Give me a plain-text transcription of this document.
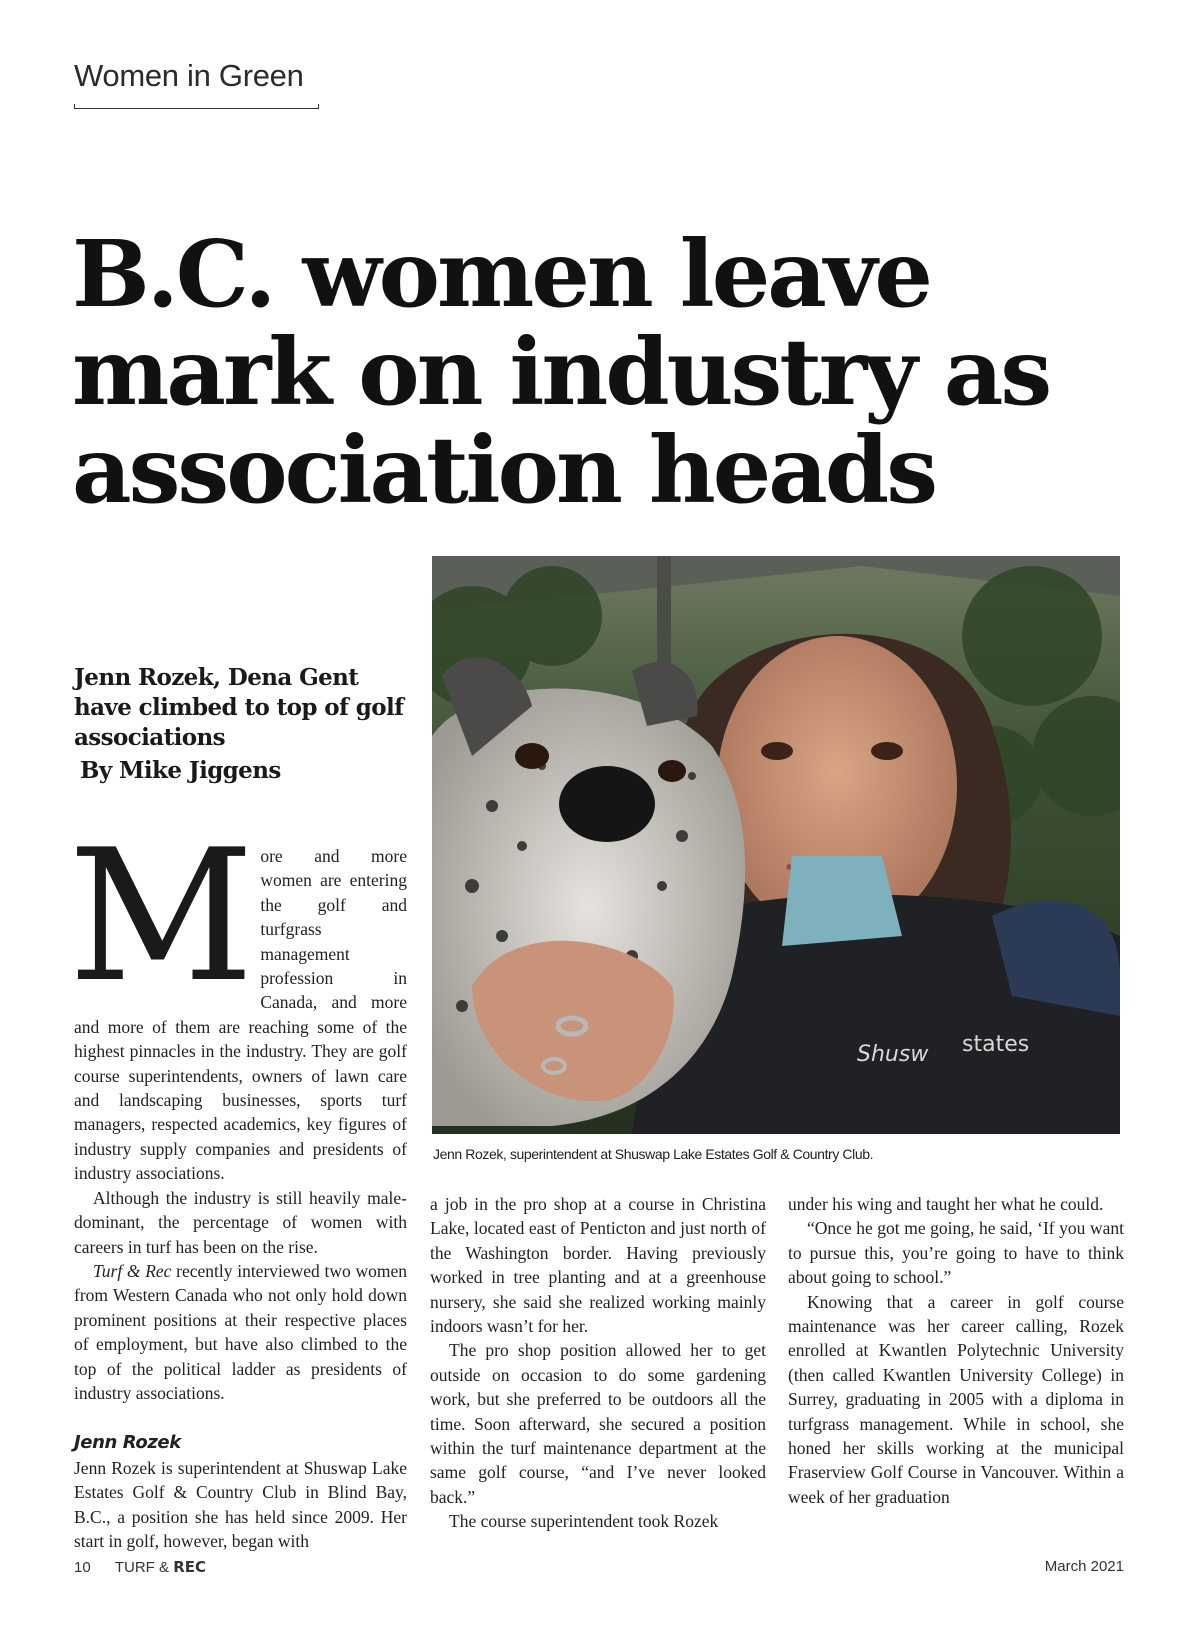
Women in Green
B.C. women leave mark on industry as association heads
Jenn Rozek, Dena Gent have climbed to top of golf associations
By Mike Jiggens
Shusw states
Jenn Rozek, superintendent at Shuswap Lake Estates Golf & Country Club.

More and more women are entering the golf and turfgrass management profession in Canada, and more and more of them are reaching some of the highest pinnacles in the industry. They are golf course superintendents, owners of lawn care and landscaping businesses, sports turf managers, respected academics, key figures of industry supply companies and presidents of industry associations.

Although the industry is still heavily male-dominant, the percentage of women with careers in turf has been on the rise.

Turf & Rec recently interviewed two women from Western Canada who not only hold down prominent positions at their respective places of employment, but have also climbed to the top of the political ladder as presidents of industry associations.

Jenn Rozek

Jenn Rozek is superintendent at Shuswap Lake Estates Golf & Country Club in Blind Bay, B.C., a position she has held since 2009. Her start in golf, however, began with

a job in the pro shop at a course in Christina Lake, located east of Penticton and just north of the Washington border. Having previously worked in tree planting and at a greenhouse nursery, she said she realized working mainly indoors wasn’t for her.

The pro shop position allowed her to get outside on occasion to do some gardening work, but she preferred to be outdoors all the time. Soon afterward, she secured a position within the turf maintenance department at the same golf course, “and I’ve never looked back.”

The course superintendent took Rozek

under his wing and taught her what he could.

“Once he got me going, he said, ‘If you want to pursue this, you’re going to have to think about going to school.”

Knowing that a career in golf course maintenance was her career calling, Rozek enrolled at Kwantlen Polytechnic University (then called Kwantlen University College) in Surrey, graduating in 2005 with a diploma in turfgrass management. While in school, she honed her skills working at the municipal Fraserview Golf Course in Vancouver. Within a week of her graduation

10 TURF & REC	March 2021
